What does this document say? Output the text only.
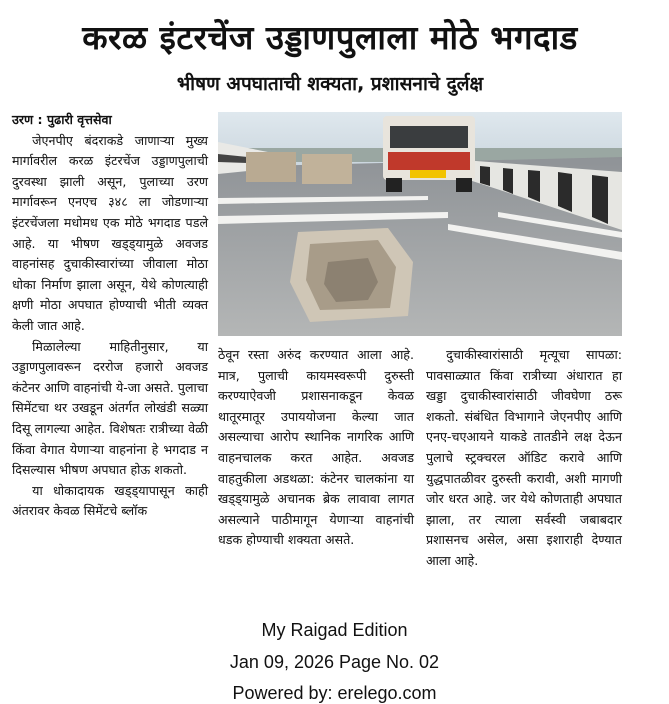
करळ इंटरचेंज उड्डाणपुलाला मोठे भगदाड
भीषण अपघाताची शक्यता, प्रशासनाचे दुर्लक्ष

उरण : पुढारी वृत्तसेवा

जेएनपीए बंदराकडे जाणाऱ्या मुख्य मार्गावरील करळ इंटरचेंज उड्डाणपुलाची दुरवस्था झाली असून, पुलाच्या उरण मार्गावरून एनएच ३४८ ला जोडणाऱ्या इंटरचेंजला मधोमध एक मोठे भगदाड पडले आहे. या भीषण खड्ड्यामुळे अवजड वाहनांसह दुचाकीस्वारांच्या जीवाला मोठा धोका निर्माण झाला असून, येथे कोणत्याही क्षणी मोठा अपघात होण्याची भीती व्यक्त केली जात आहे.

मिळालेल्या माहितीनुसार, या उड्डाणपुलावरून दररोज हजारो अवजड कंटेनर आणि वाहनांची ये-जा असते. पुलाचा सिमेंटचा थर उखडून अंतर्गत लोखंडी सळ्या दिसू लागल्या आहेत. विशेषतः रात्रीच्या वेळी किंवा वेगात येणाऱ्या वाहनांना हे भगदाड न दिसल्यास भीषण अपघात होऊ शकतो.

या धोकादायक खड्ड्यापासून काही अंतरावर केवळ सिमेंटचे ब्लॉक

ठेवून रस्ता अरुंद करण्यात आला आहे. मात्र, पुलाची कायमस्वरूपी दुरुस्ती करण्याऐवजी प्रशासनाकडून केवळ थातूरमातूर उपाययोजना केल्या जात असल्याचा आरोप स्थानिक नागरिक आणि वाहनचालक करत आहेत. अवजड वाहतुकीला अडथळा: कंटेनर चालकांना या खड्ड्यामुळे अचानक ब्रेक लावावा लागत असल्याने पाठीमागून येणाऱ्या वाहनांची धडक होण्याची शक्यता असते.

दुचाकीस्वारांसाठी मृत्यूचा सापळा: पावसाळ्यात किंवा रात्रीच्या अंधारात हा खड्डा दुचाकीस्वारांसाठी जीवघेणा ठरू शकतो. संबंधित विभागाने जेएनपीए आणि एनए-चएआयने याकडे तातडीने लक्ष देऊन पुलाचे स्ट्रक्चरल ऑडिट करावे आणि युद्धपातळीवर दुरुस्ती करावी, अशी मागणी जोर धरत आहे. जर येथे कोणताही अपघात झाला, तर त्याला सर्वस्वी जबाबदार प्रशासनच असेल, असा इशाराही देण्यात आला आहे.

My Raigad Edition
Jan 09, 2026 Page No. 02
Powered by: erelego.com
